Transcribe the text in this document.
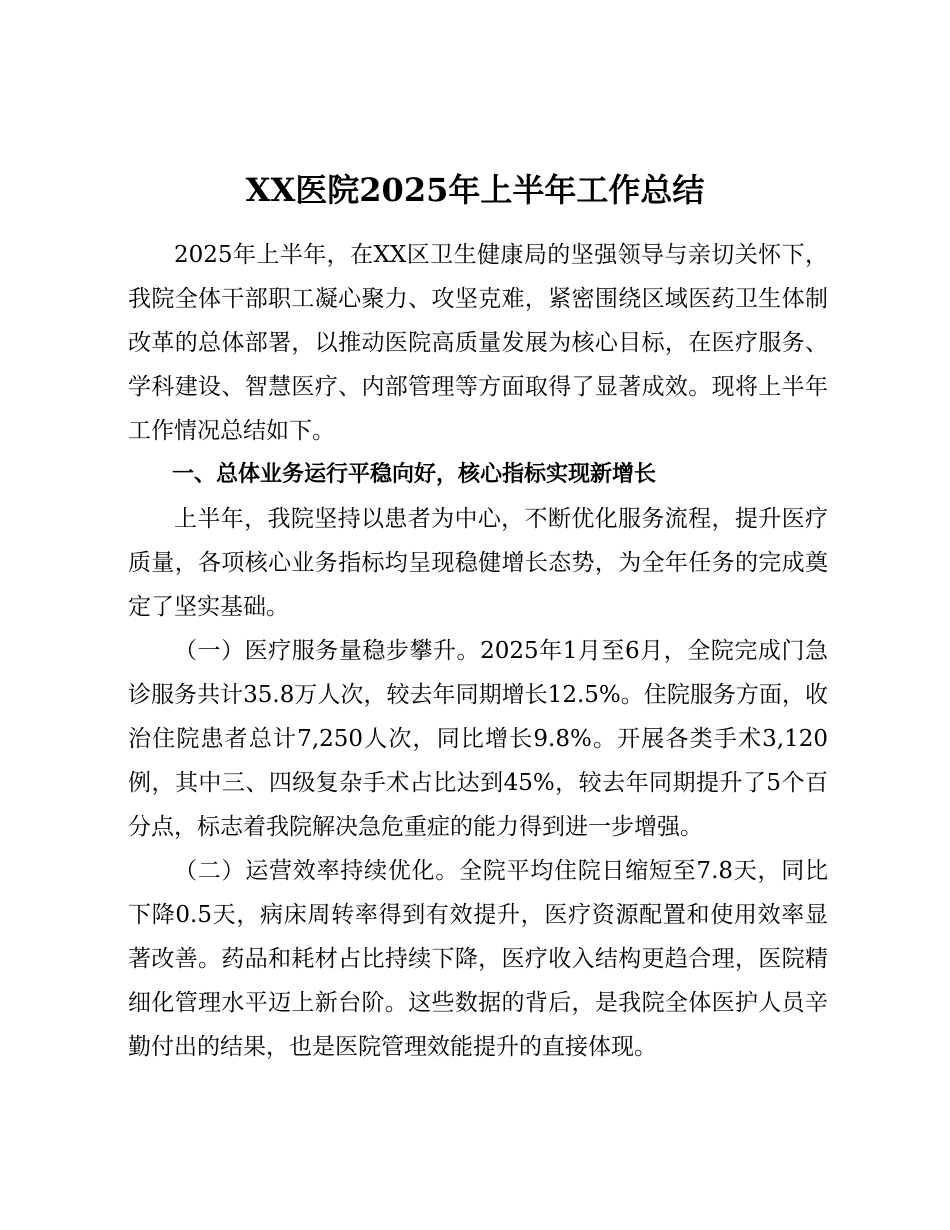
XX医院2025年上半年工作总结

2025年上半年，在XX区卫生健康局的坚强领导与亲切关怀下，我院全体干部职工凝心聚力、攻坚克难，紧密围绕区域医药卫生体制改革的总体部署，以推动医院高质量发展为核心目标，在医疗服务、学科建设、智慧医疗、内部管理等方面取得了显著成效。现将上半年工作情况总结如下。

一、总体业务运行平稳向好，核心指标实现新增长

上半年，我院坚持以患者为中心，不断优化服务流程，提升医疗质量，各项核心业务指标均呈现稳健增长态势，为全年任务的完成奠定了坚实基础。

（一）医疗服务量稳步攀升。2025年1月至6月，全院完成门急诊服务共计35.8万人次，较去年同期增长12.5%。住院服务方面，收治住院患者总计7,250人次，同比增长9.8%。开展各类手术3,120例，其中三、四级复杂手术占比达到45%，较去年同期提升了5个百分点，标志着我院解决急危重症的能力得到进一步增强。

（二）运营效率持续优化。全院平均住院日缩短至7.8天，同比下降0.5天，病床周转率得到有效提升，医疗资源配置和使用效率显著改善。药品和耗材占比持续下降，医疗收入结构更趋合理，医院精细化管理水平迈上新台阶。这些数据的背后，是我院全体医护人员辛勤付出的结果，也是医院管理效能提升的直接体现。
